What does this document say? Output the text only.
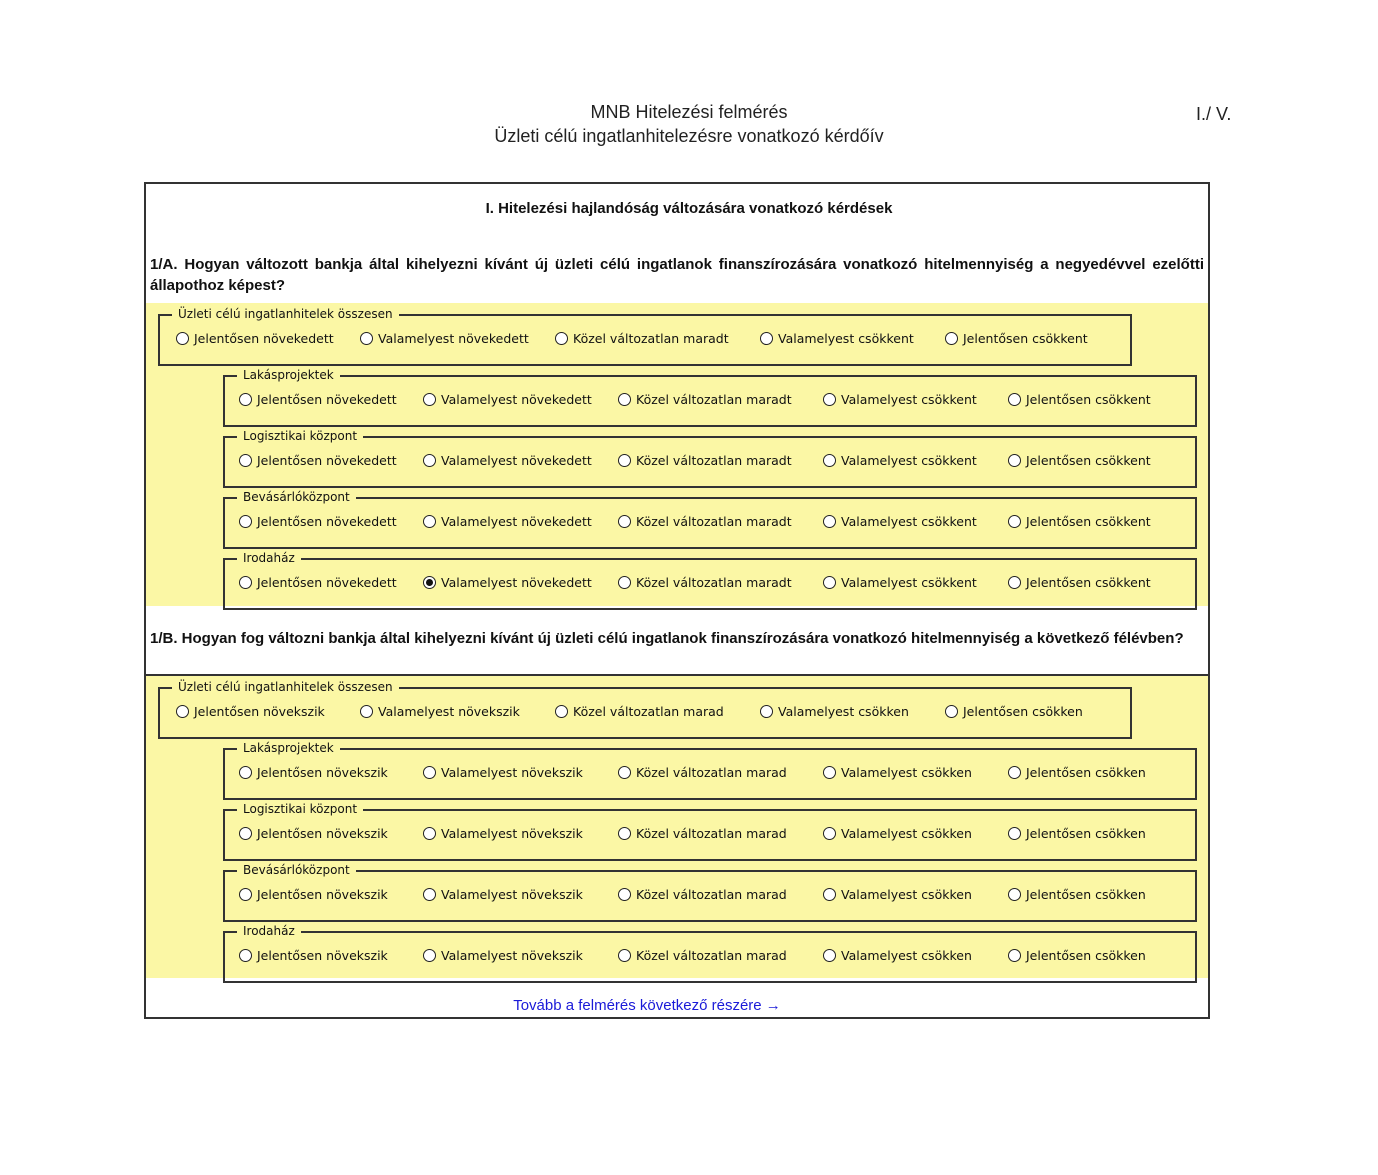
MNB Hitelezési felmérés
Üzleti célú ingatlanhitelezésre vonatkozó kérdőív
I./ V.
I. Hitelezési hajlandóság változására vonatkozó kérdések
1/A. Hogyan változott bankja által kihelyezni kívánt új üzleti célú ingatlanok finanszírozására vonatkozó hitelmennyiség a negyedévvel ezelőtti állapothoz képest?
Üzleti célú ingatlanhitelek összesen
Jelentősen növekedett	Valamelyest növekedett	Közel változatlan maradt	Valamelyest csökkent	Jelentősen csökkent
Lakásprojektek
Jelentősen növekedett	Valamelyest növekedett	Közel változatlan maradt	Valamelyest csökkent	Jelentősen csökkent
Logisztikai központ
Jelentősen növekedett	Valamelyest növekedett	Közel változatlan maradt	Valamelyest csökkent	Jelentősen csökkent
Bevásárlóközpont
Jelentősen növekedett	Valamelyest növekedett	Közel változatlan maradt	Valamelyest csökkent	Jelentősen csökkent
Irodaház
Jelentősen növekedett	Valamelyest növekedett	Közel változatlan maradt	Valamelyest csökkent	Jelentősen csökkent
1/B. Hogyan fog változni bankja által kihelyezni kívánt új üzleti célú ingatlanok finanszírozására vonatkozó hitelmennyiség a következő félévben?
Üzleti célú ingatlanhitelek összesen
Jelentősen növekszik	Valamelyest növekszik	Közel változatlan marad	Valamelyest csökken	Jelentősen csökken
Lakásprojektek
Jelentősen növekszik	Valamelyest növekszik	Közel változatlan marad	Valamelyest csökken	Jelentősen csökken
Logisztikai központ
Jelentősen növekszik	Valamelyest növekszik	Közel változatlan marad	Valamelyest csökken	Jelentősen csökken
Bevásárlóközpont
Jelentősen növekszik	Valamelyest növekszik	Közel változatlan marad	Valamelyest csökken	Jelentősen csökken
Irodaház
Jelentősen növekszik	Valamelyest növekszik	Közel változatlan marad	Valamelyest csökken	Jelentősen csökken
Tovább a felmérés következő részére →
